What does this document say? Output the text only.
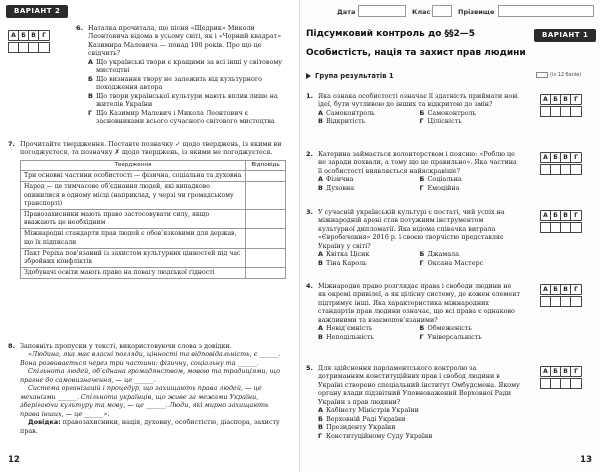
ВАРІАНТ 2
А Б В	Г
6. Наталка прочитала, що пісня «Щедрик» Миколи Леонтовича відома в усьому світі, як і «Чорний квадрат» Казимира Малевича — понад 100 років. Про що це свідчить?
А Що українські твори є кращими за всі інші у світовому мистецтві
Б Що визнання твору не залежить від культурного походження автора
В Що твори української культури мають вплив лише на жителів України
Г Що Казимир Малевич і Микола Леонтович є засновниками всього сучасного світового мистецтва
7. Прочитайте твердження. Поставте позначку ✓ щодо тверджень, із якими ви погоджуєтеся, та позначку ✗ щодо тверджень, із якими не погоджуєтеся.
Твердження	Відповідь
Три основні частини особистості — фізична, соціальна та духовна	
Народ — це тимчасове об’єднання людей, які випадково опинилися в одному місці (наприклад, у черзі чи громадському транспорті)	
Правозахисники мають право застосовувати силу, якщо вважають це необхідним	
Міжнародні стандарти прав людей є обов’язковими для держав, що їх підписали	
Пакт Реріха пов’язаний із захистом культурних цінностей під час збройних конфліктів	
Здобувачі освіти мають право на повагу людської гідності	
8. Заповніть пропуски у тексті, використовуючи слова з довідки.
«Людина, яка має власні погляди, цінності та відповідальність, є ______. Вона розвивається через три частини: фізичну, соціальну та ______.
Спільнота людей, об’єднана громадянством, мовою та традиціями, що прагне до самовизначення, — це ______.
Система організацій і процедур, що захищають права людей, — це механізми ______. Спільнота українців, що живе за межами України, зберігаючи культуру та мову, — це ______. Люди, які мирно захищають права інших, — це ______».
Довідка: правозахисники, нація, духовну, особистістю, діаспора, захисту прав.
12
Дата	Клас	Прізвище
Підсумковий контроль до §§2—5
Особистість, нація та захист прав людини
ВАРІАНТ 1
Група результатів 1	(із 12 балів)
1. Яка ознака особистості означає її здатність приймати нові ідеї, бути чутливою до інших та відкритою до змін?
А Самоконтроль	Б Самоконтроль
В Відкритість	Г Цілісність
2. Катерина займається волонтерством і поясню: «Роблю це не заради похвали, а тому що це правильно». Яка частина її особистості виявляється найяскравіше?
А Фізична	Б Соціальна
В Духовна	Г Емоційна
3. У сучасній українській культурі є постаті, чий успіх на міжнародній арені став потужним інструментом культурної дипломатії. Яка відома співачка виграла «Євробачення» 2016 р. і своєю творчістю представляє Україну у світі?
А Квітка Цісик	Б Джамала
В Тіна Кароль	Г Оксана Мастерс
4. Міжнародне право розглядає права і свободи людини не як окремі привілеї, а як цілісну систему, де кожен елемент підтримує інші. Яка характеристика міжнародних стандартів прав людини означає, що всі права є однаково важливими та взаємопов’язаними?
А Невід’ємність	Б Обмеженість
В Неподільність	Г Універсальність
5. Для здійснення парламентського контролю за дотриманням конституційних прав і свобод людини в Україні створено спеціальний інститут Омбудсмена. Якому органу влади підзвітний Уповноважений Верховної Ради України з прав людини?
А Кабінету Міністрів України
Б Верховній Раді України
В Президенту України
Г Конституційному Суду України
А Б В	Г
А Б В	Г
А Б В	Г
А Б В	Г
А Б В	Г
13
